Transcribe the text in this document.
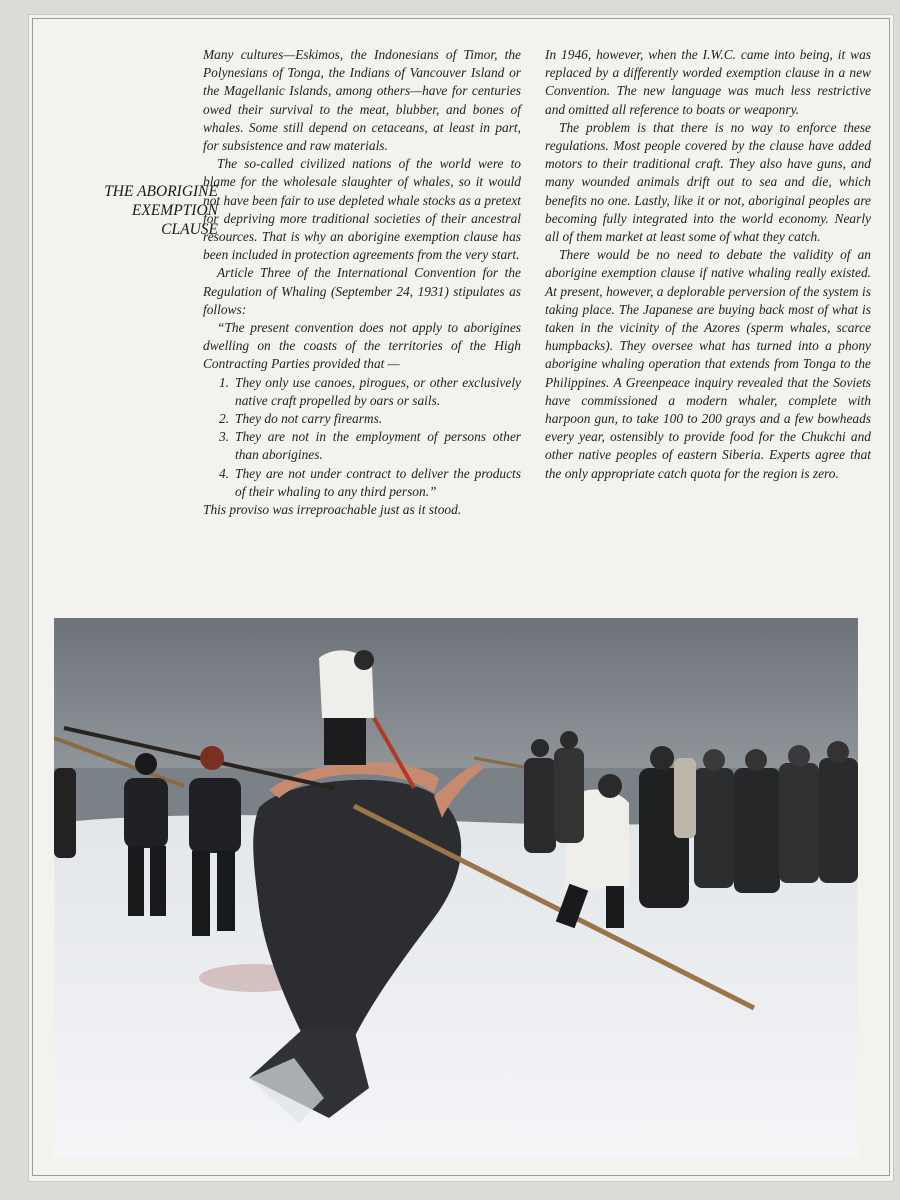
THE ABORIGINE
EXEMPTION
CLAUSE

Many cultures—Eskimos, the Indonesians of Timor, the Polynesians of Tonga, the Indians of Vancouver Island or the Magellanic Islands, among others—have for centuries owed their survival to the meat, blubber, and bones of whales. Some still depend on cetaceans, at least in part, for subsistence and raw materials.

The so-called civilized nations of the world were to blame for the wholesale slaughter of whales, so it would not have been fair to use depleted whale stocks as a pretext for depriving more traditional societies of their ancestral resources. That is why an aborigine exemption clause has been included in protection agreements from the very start.

Article Three of the International Convention for the Regulation of Whaling (September 24, 1931) stipulates as follows:

“The present convention does not apply to aborigines dwelling on the coasts of the territories of the High Contracting Parties provided that —

1. They only use canoes, pirogues, or other exclusively native craft propelled by oars or sails.
2. They do not carry firearms.
3. They are not in the employment of persons other than aborigines.
4. They are not under contract to deliver the products of their whaling to any third person.”

This proviso was irreproachable just as it stood.

In 1946, however, when the I.W.C. came into being, it was replaced by a differently worded exemption clause in a new Convention. The new language was much less restrictive and omitted all reference to boats or weaponry.

The problem is that there is no way to enforce these regulations. Most people covered by the clause have added motors to their traditional craft. They also have guns, and many wounded animals drift out to sea and die, which benefits no one. Lastly, like it or not, aboriginal peoples are becoming fully integrated into the world economy. Nearly all of them market at least some of what they catch.

There would be no need to debate the validity of an aborigine exemption clause if native whaling really existed. At present, however, a deplorable perversion of the system is taking place. The Japanese are buying back most of what is taken in the vicinity of the Azores (sperm whales, scarce humpbacks). They oversee what has turned into a phony aborigine whaling operation that extends from Tonga to the Philippines. A Greenpeace inquiry revealed that the Soviets have commissioned a modern whaler, complete with harpoon gun, to take 100 to 200 grays and a few bowheads every year, ostensibly to provide food for the Chukchi and other native peoples of eastern Siberia. Experts agree that the only appropriate catch quota for the region is zero.
